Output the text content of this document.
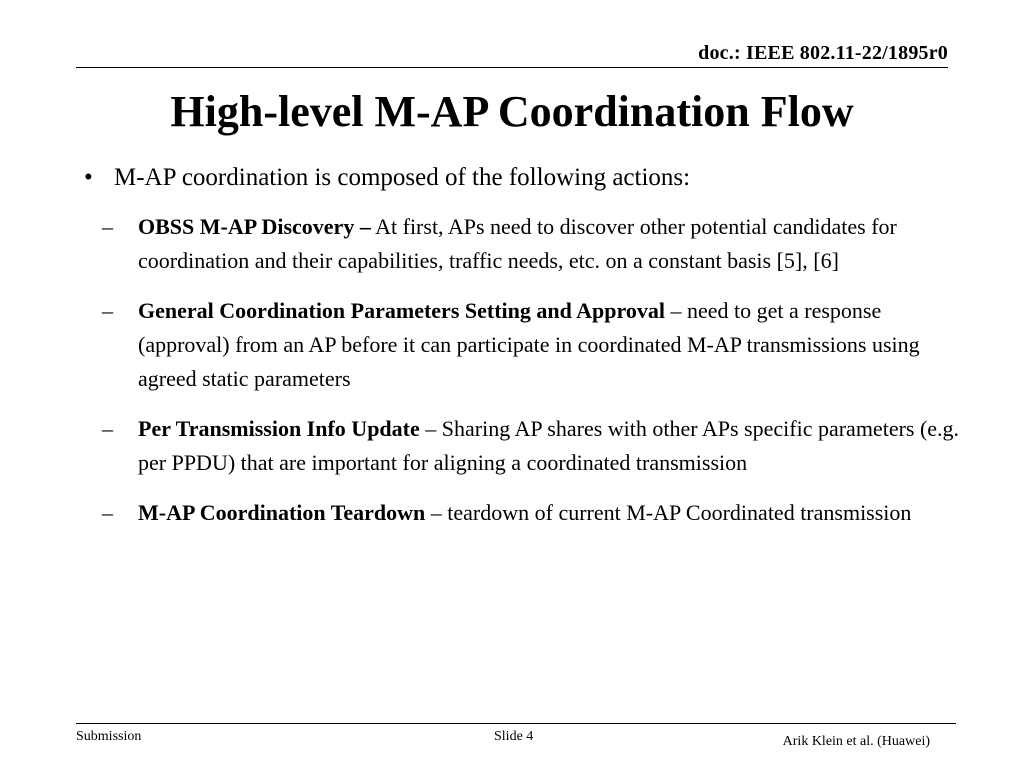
doc.: IEEE 802.11-22/1895r0
High-level M-AP Coordination Flow
• M-AP coordination is composed of the following actions:
–	OBSS M-AP Discovery – At first, APs need to discover other potential candidates for coordination and their capabilities, traffic needs, etc. on a constant basis [5], [6]
–	General Coordination Parameters Setting and Approval – need to get a response (approval) from an AP before it can participate in coordinated M-AP transmissions using agreed static parameters
–	Per Transmission Info Update – Sharing AP shares with other APs specific parameters (e.g. per PPDU) that are important for aligning a coordinated transmission
–	M-AP Coordination Teardown – teardown of current M-AP Coordinated transmission
Submission	Slide 4	Arik Klein et al. (Huawei)
